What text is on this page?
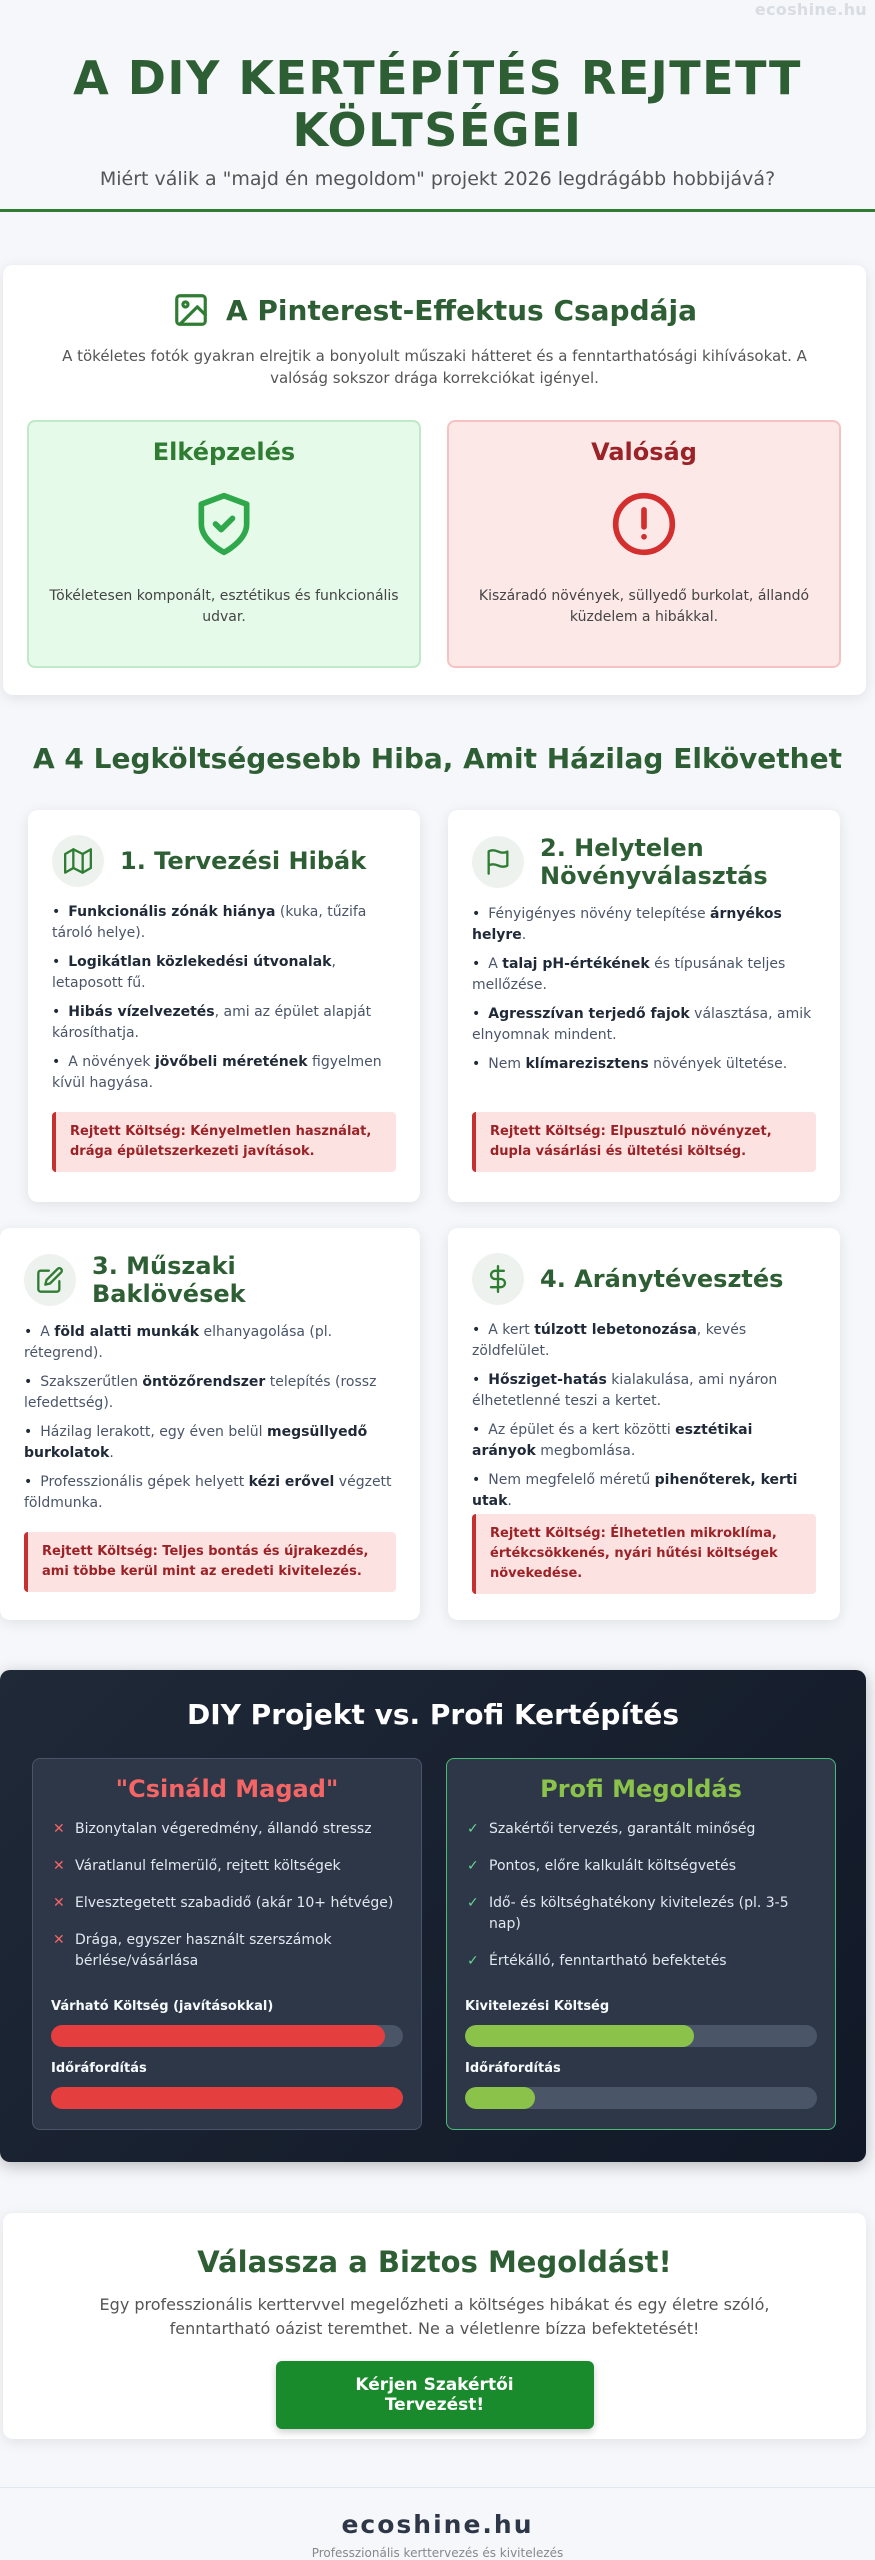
ecoshine.hu
A DIY KERTÉPÍTÉS REJTETT KÖLTSÉGEI

Miért válik a "majd én megoldom" projekt 2026 legdrágább hobbijává?

A Pinterest-Effektus Csapdája

A tökéletes fotók gyakran elrejtik a bonyolult műszaki hátteret és a fenntarthatósági kihívásokat. A valóság sokszor drága korrekciókat igényel.

Elképzelés

Tökéletesen komponált, esztétikus és funkcionális udvar.

Valóság

Kiszáradó növények, süllyedő burkolat, állandó küzdelem a hibákkal.

A 4 Legköltségesebb Hiba, Amit Házilag Elkövethet
1. Tervezési Hibák
• Funkcionális zónák hiánya (kuka, tűzifa tároló helye).
• Logikátlan közlekedési útvonalak, letaposott fű.
• Hibás vízelvezetés, ami az épület alapját károsíthatja.
• A növények jövőbeli méretének figyelmen kívül hagyása.
Rejtett Költség: Kényelmetlen használat, drága épületszerkezeti javítások.
2. Helytelen Növényválasztás
• Fényigényes növény telepítése árnyékos helyre.
• A talaj pH-értékének és típusának teljes mellőzése.
• Agresszívan terjedő fajok választása, amik elnyomnak mindent.
• Nem klímarezisztens növények ültetése.
Rejtett Költség: Elpusztuló növényzet, dupla vásárlási és ültetési költség.
3. Műszaki Baklövések
• A föld alatti munkák elhanyagolása (pl. rétegrend).
• Szakszerűtlen öntözőrendszer telepítés (rossz lefedettség).
• Házilag lerakott, egy éven belül megsüllyedő burkolatok.
• Professzionális gépek helyett kézi erővel végzett földmunka.
Rejtett Költség: Teljes bontás és újrakezdés, ami többe kerül mint az eredeti kivitelezés.
4. Aránytévesztés
• A kert túlzott lebetonozása, kevés zöldfelület.
• Hősziget-hatás kialakulása, ami nyáron élhetetlenné teszi a kertet.
• Az épület és a kert közötti esztétikai arányok megbomlása.
• Nem megfelelő méretű pihenőterek, kerti utak.
Rejtett Költség: Élhetetlen mikroklíma, értékcsökkenés, nyári hűtési költségek növekedése.
DIY Projekt vs. Profi Kertépítés
"Csináld Magad"
✕ Bizonytalan végeredmény, állandó stressz
✕ Váratlanul felmerülő, rejtett költségek
✕ Elvesztegetett szabadidő (akár 10+ hétvége)
✕ Drága, egyszer használt szerszámok bérlése/vásárlása
Várható Költség (javításokkal)
Időráfordítás
Profi Megoldás
✓ Szakértői tervezés, garantált minőség
✓ Pontos, előre kalkulált költségvetés
✓ Idő- és költséghatékony kivitelezés (pl. 3-5 nap)
✓ Értékálló, fenntartható befektetés
Kivitelezési Költség
Időráfordítás
Válassza a Biztos Megoldást!

Egy professzionális kerttervvel megelőzheti a költséges hibákat és egy életre szóló, fenntartható oázist teremthet. Ne a véletlenre bízza befektetését!

Kérjen Szakértői Tervezést!
ecoshine.hu
Professzionális kerttervezés és kivitelezés
